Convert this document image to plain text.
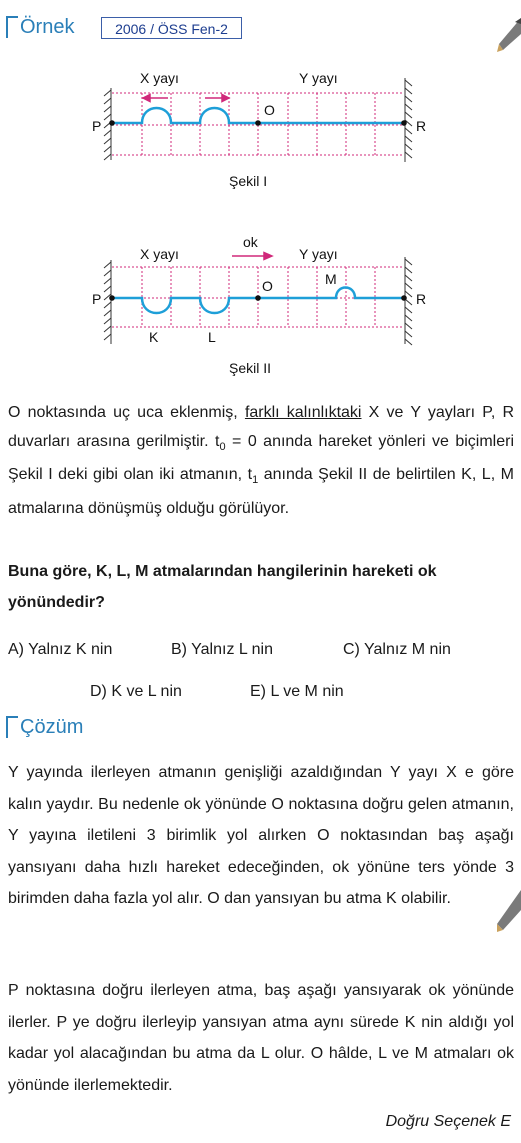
Örnek	2006 / ÖSS Fen-2
X yayı	Y yayı
O
P	R
Şekil I
ok
X yayı	Y yayı
O	M
K	L
P	R
Şekil II
O noktasında uç uca eklenmiş, farklı kalınlıktaki X ve Y yayları P, R duvarları arasına gerilmiştir. $t_0 = 0$ anında hareket yönleri ve biçimleri Şekil I deki gibi olan iki atmanın, $t_1$ anında Şekil II de belirtilen K, L, M atmalarına dönüşmüş olduğu görülüyor.
Buna göre, K, L, M atmalarından hangilerinin hareketi ok yönündedir?
A) Yalnız K nin	B) Yalnız L nin	C) Yalnız M nin
D) K ve L nin	E) L ve M nin
Çözüm
Y yayında ilerleyen atmanın genişliği azaldığından Y yayı X e göre kalın yaydır. Bu nedenle ok yönünde O noktasına doğru gelen atmanın, Y yayına iletileni 3 birimlik yol alırken O noktasından baş aşağı yansıyanı daha hızlı hareket edeceğinden, ok yönüne ters yönde 3 birimden daha fazla yol alır. O dan yansıyan bu atma K olabilir.
P noktasına doğru ilerleyen atma, baş aşağı yansıyarak ok yönünde ilerler. P ye doğru ilerleyip yansıyan atma aynı sürede K nin aldığı yol kadar yol alacağından bu atma da L olur. O hâlde, L ve M atmaları ok yönünde ilerlemektedir.
Doğru Seçenek E
